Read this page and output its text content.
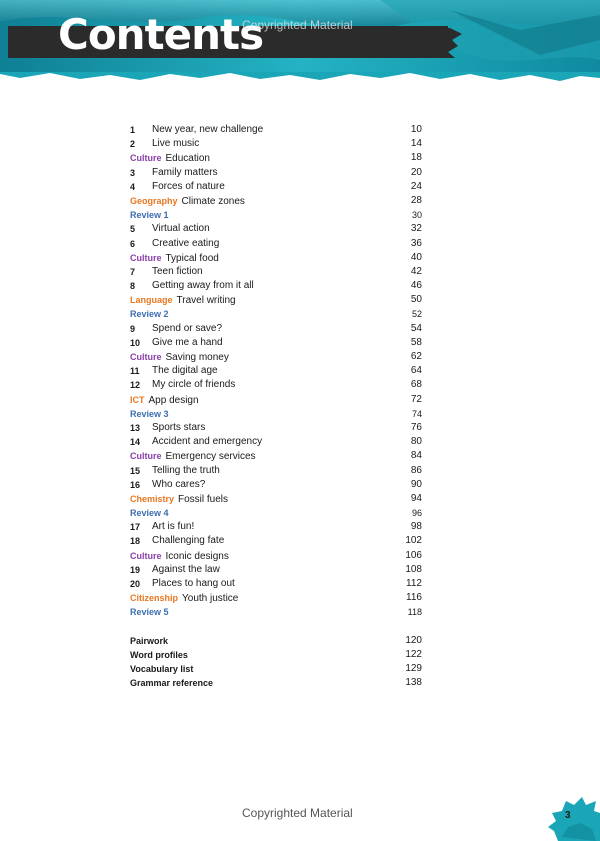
Contents
Copyrighted Material
1 New year, new challenge	10
2 Live music	14
Culture Education	18
3 Family matters	20
4 Forces of nature	24
Geography Climate zones	28
Review 1	30
5 Virtual action	32
6 Creative eating	36
Culture Typical food	40
7 Teen fiction	42
8 Getting away from it all	46
Language Travel writing	50
Review 2	52
9 Spend or save?	54
10 Give me a hand	58
Culture Saving money	62
11 The digital age	64
12 My circle of friends	68
ICT App design	72
Review 3	74
13 Sports stars	76
14 Accident and emergency	80
Culture Emergency services	84
15 Telling the truth	86
16 Who cares?	90
Chemistry Fossil fuels	94
Review 4	96
17 Art is fun!	98
18 Challenging fate	102
Culture Iconic designs	106
19 Against the law	108
20 Places to hang out	112
Citizenship Youth justice	116
Review 5	118
Pairwork	120
Word profiles	122
Vocabulary list	129
Grammar reference	138
Copyrighted Material	3
